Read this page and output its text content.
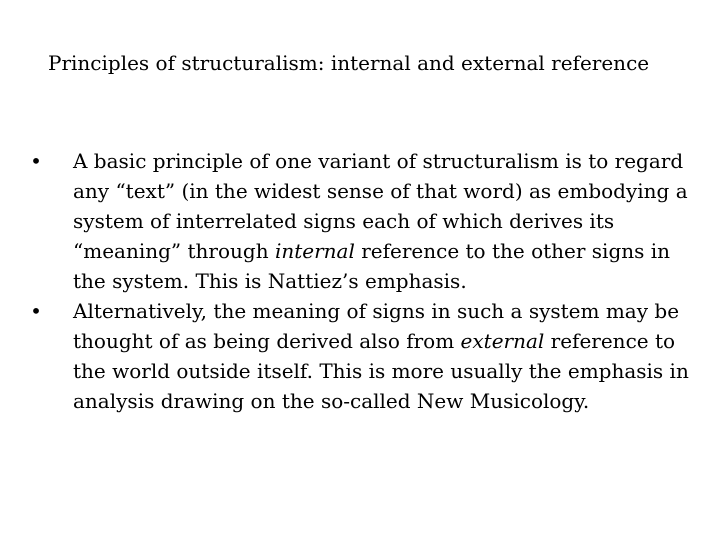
Principles of structuralism: internal and external reference
• A basic principle of one variant of structuralism is to regard any “text” (in the widest sense of that word) as embodying a system of interrelated signs each of which derives its “meaning” through internal reference to the other signs in the system. This is Nattiez’s emphasis.
• Alternatively, the meaning of signs in such a system may be thought of as being derived also from external reference to the world outside itself. This is more usually the emphasis in analysis drawing on the so-called New Musicology.
